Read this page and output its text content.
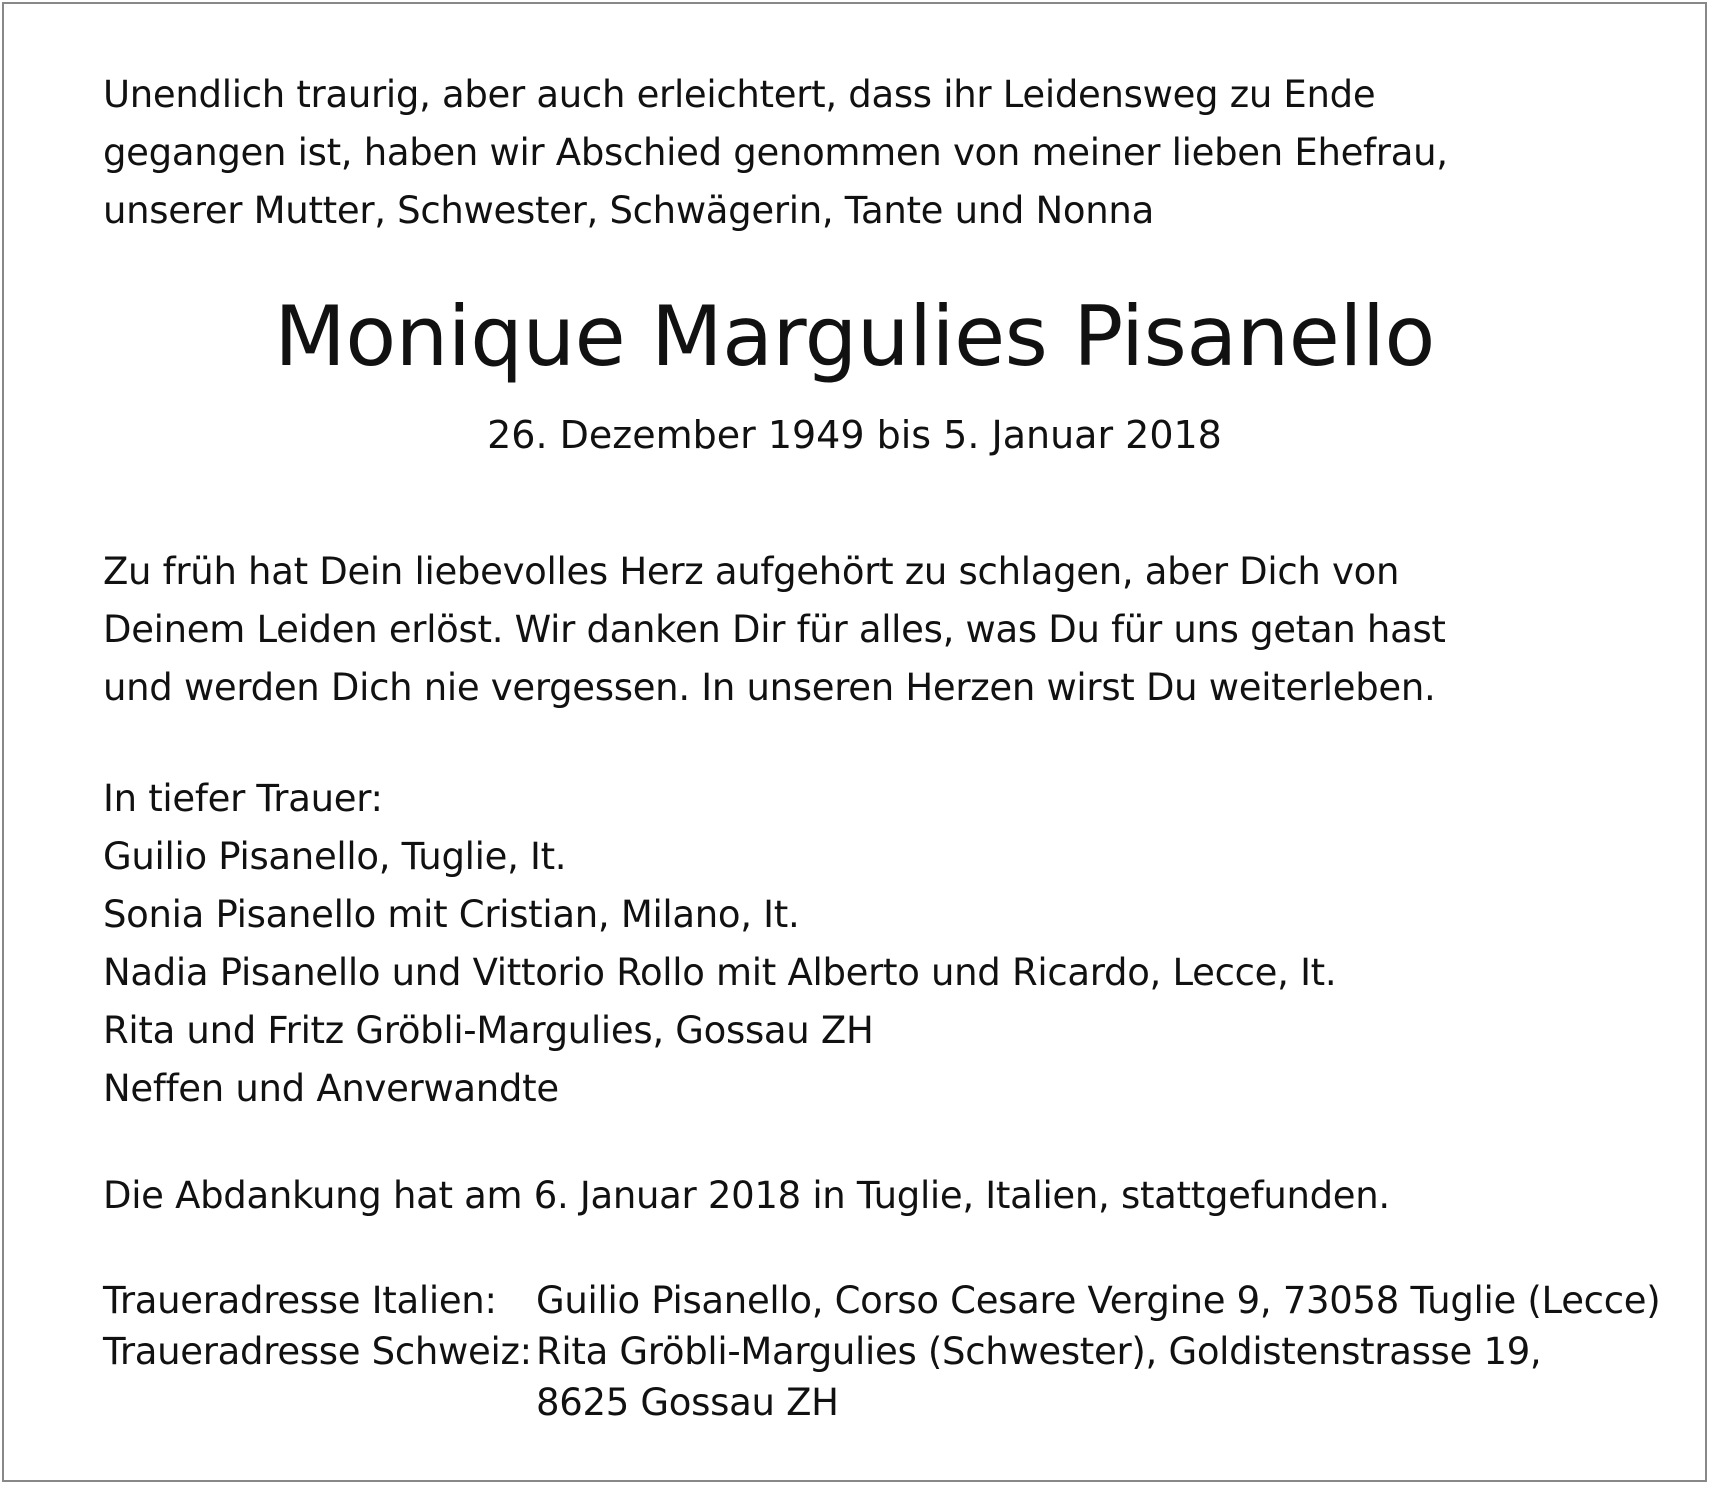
Unendlich traurig, aber auch erleichtert, dass ihr Leidensweg zu Ende
gegangen ist, haben wir Abschied genommen von meiner lieben Ehefrau,
unserer Mutter, Schwester, Schwägerin, Tante und Nonna

Monique Margulies Pisanello

26. Dezember 1949 bis 5. Januar 2018

Zu früh hat Dein liebevolles Herz aufgehört zu schlagen, aber Dich von
Deinem Leiden erlöst. Wir danken Dir für alles, was Du für uns getan hast
und werden Dich nie vergessen. In unseren Herzen wirst Du weiterleben.

In tiefer Trauer:
Guilio Pisanello, Tuglie, It.
Sonia Pisanello mit Cristian, Milano, It.
Nadia Pisanello und Vittorio Rollo mit Alberto und Ricardo, Lecce, It.
Rita und Fritz Gröbli-Margulies, Gossau ZH
Neffen und Anverwandte

Die Abdankung hat am 6. Januar 2018 in Tuglie, Italien, stattgefunden.

Traueradresse Italien:	Guilio Pisanello, Corso Cesare Vergine 9, 73058 Tuglie (Lecce)
Traueradresse Schweiz: Rita Gröbli-Margulies (Schwester), Goldistenstrasse 19,
8625 Gossau ZH
